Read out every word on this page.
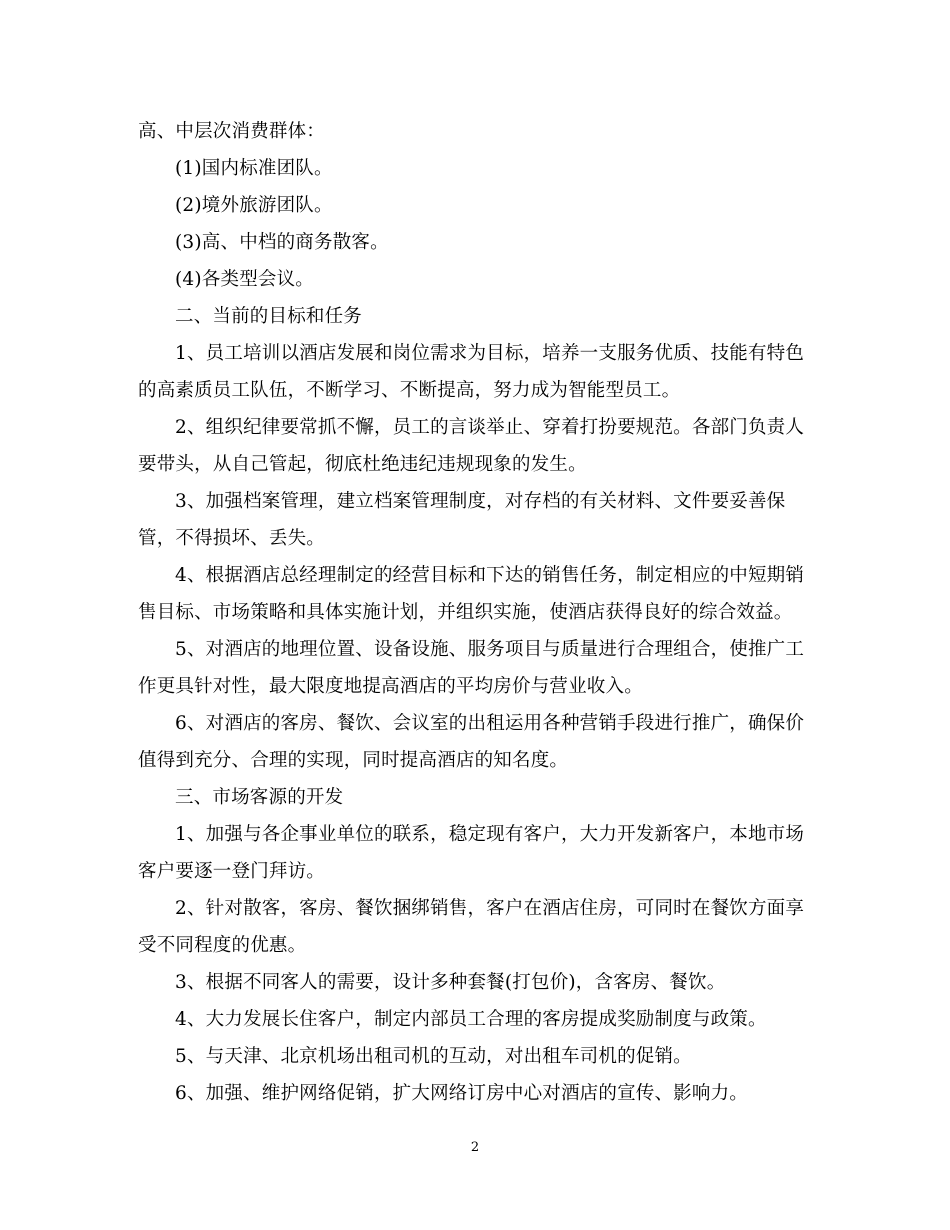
高、中层次消费群体：
(1)国内标准团队。
(2)境外旅游团队。
(3)高、中档的商务散客。
(4)各类型会议。
二、当前的目标和任务
1、员工培训以酒店发展和岗位需求为目标，培养一支服务优质、技能有特色
的高素质员工队伍，不断学习、不断提高，努力成为智能型员工。
2、组织纪律要常抓不懈，员工的言谈举止、穿着打扮要规范。各部门负责人
要带头，从自己管起，彻底杜绝违纪违规现象的发生。
3、加强档案管理，建立档案管理制度，对存档的有关材料、文件要妥善保
管，不得损坏、丢失。
4、根据酒店总经理制定的经营目标和下达的销售任务，制定相应的中短期销
售目标、市场策略和具体实施计划，并组织实施，使酒店获得良好的综合效益。
5、对酒店的地理位置、设备设施、服务项目与质量进行合理组合，使推广工
作更具针对性，最大限度地提高酒店的平均房价与营业收入。
6、对酒店的客房、餐饮、会议室的出租运用各种营销手段进行推广，确保价
值得到充分、合理的实现，同时提高酒店的知名度。
三、市场客源的开发
1、加强与各企事业单位的联系，稳定现有客户，大力开发新客户，本地市场
客户要逐一登门拜访。
2、针对散客，客房、餐饮捆绑销售，客户在酒店住房，可同时在餐饮方面享
受不同程度的优惠。
3、根据不同客人的需要，设计多种套餐(打包价)，含客房、餐饮。
4、大力发展长住客户，制定内部员工合理的客房提成奖励制度与政策。
5、与天津、北京机场出租司机的互动，对出租车司机的促销。
6、加强、维护网络促销，扩大网络订房中心对酒店的宣传、影响力。
2
